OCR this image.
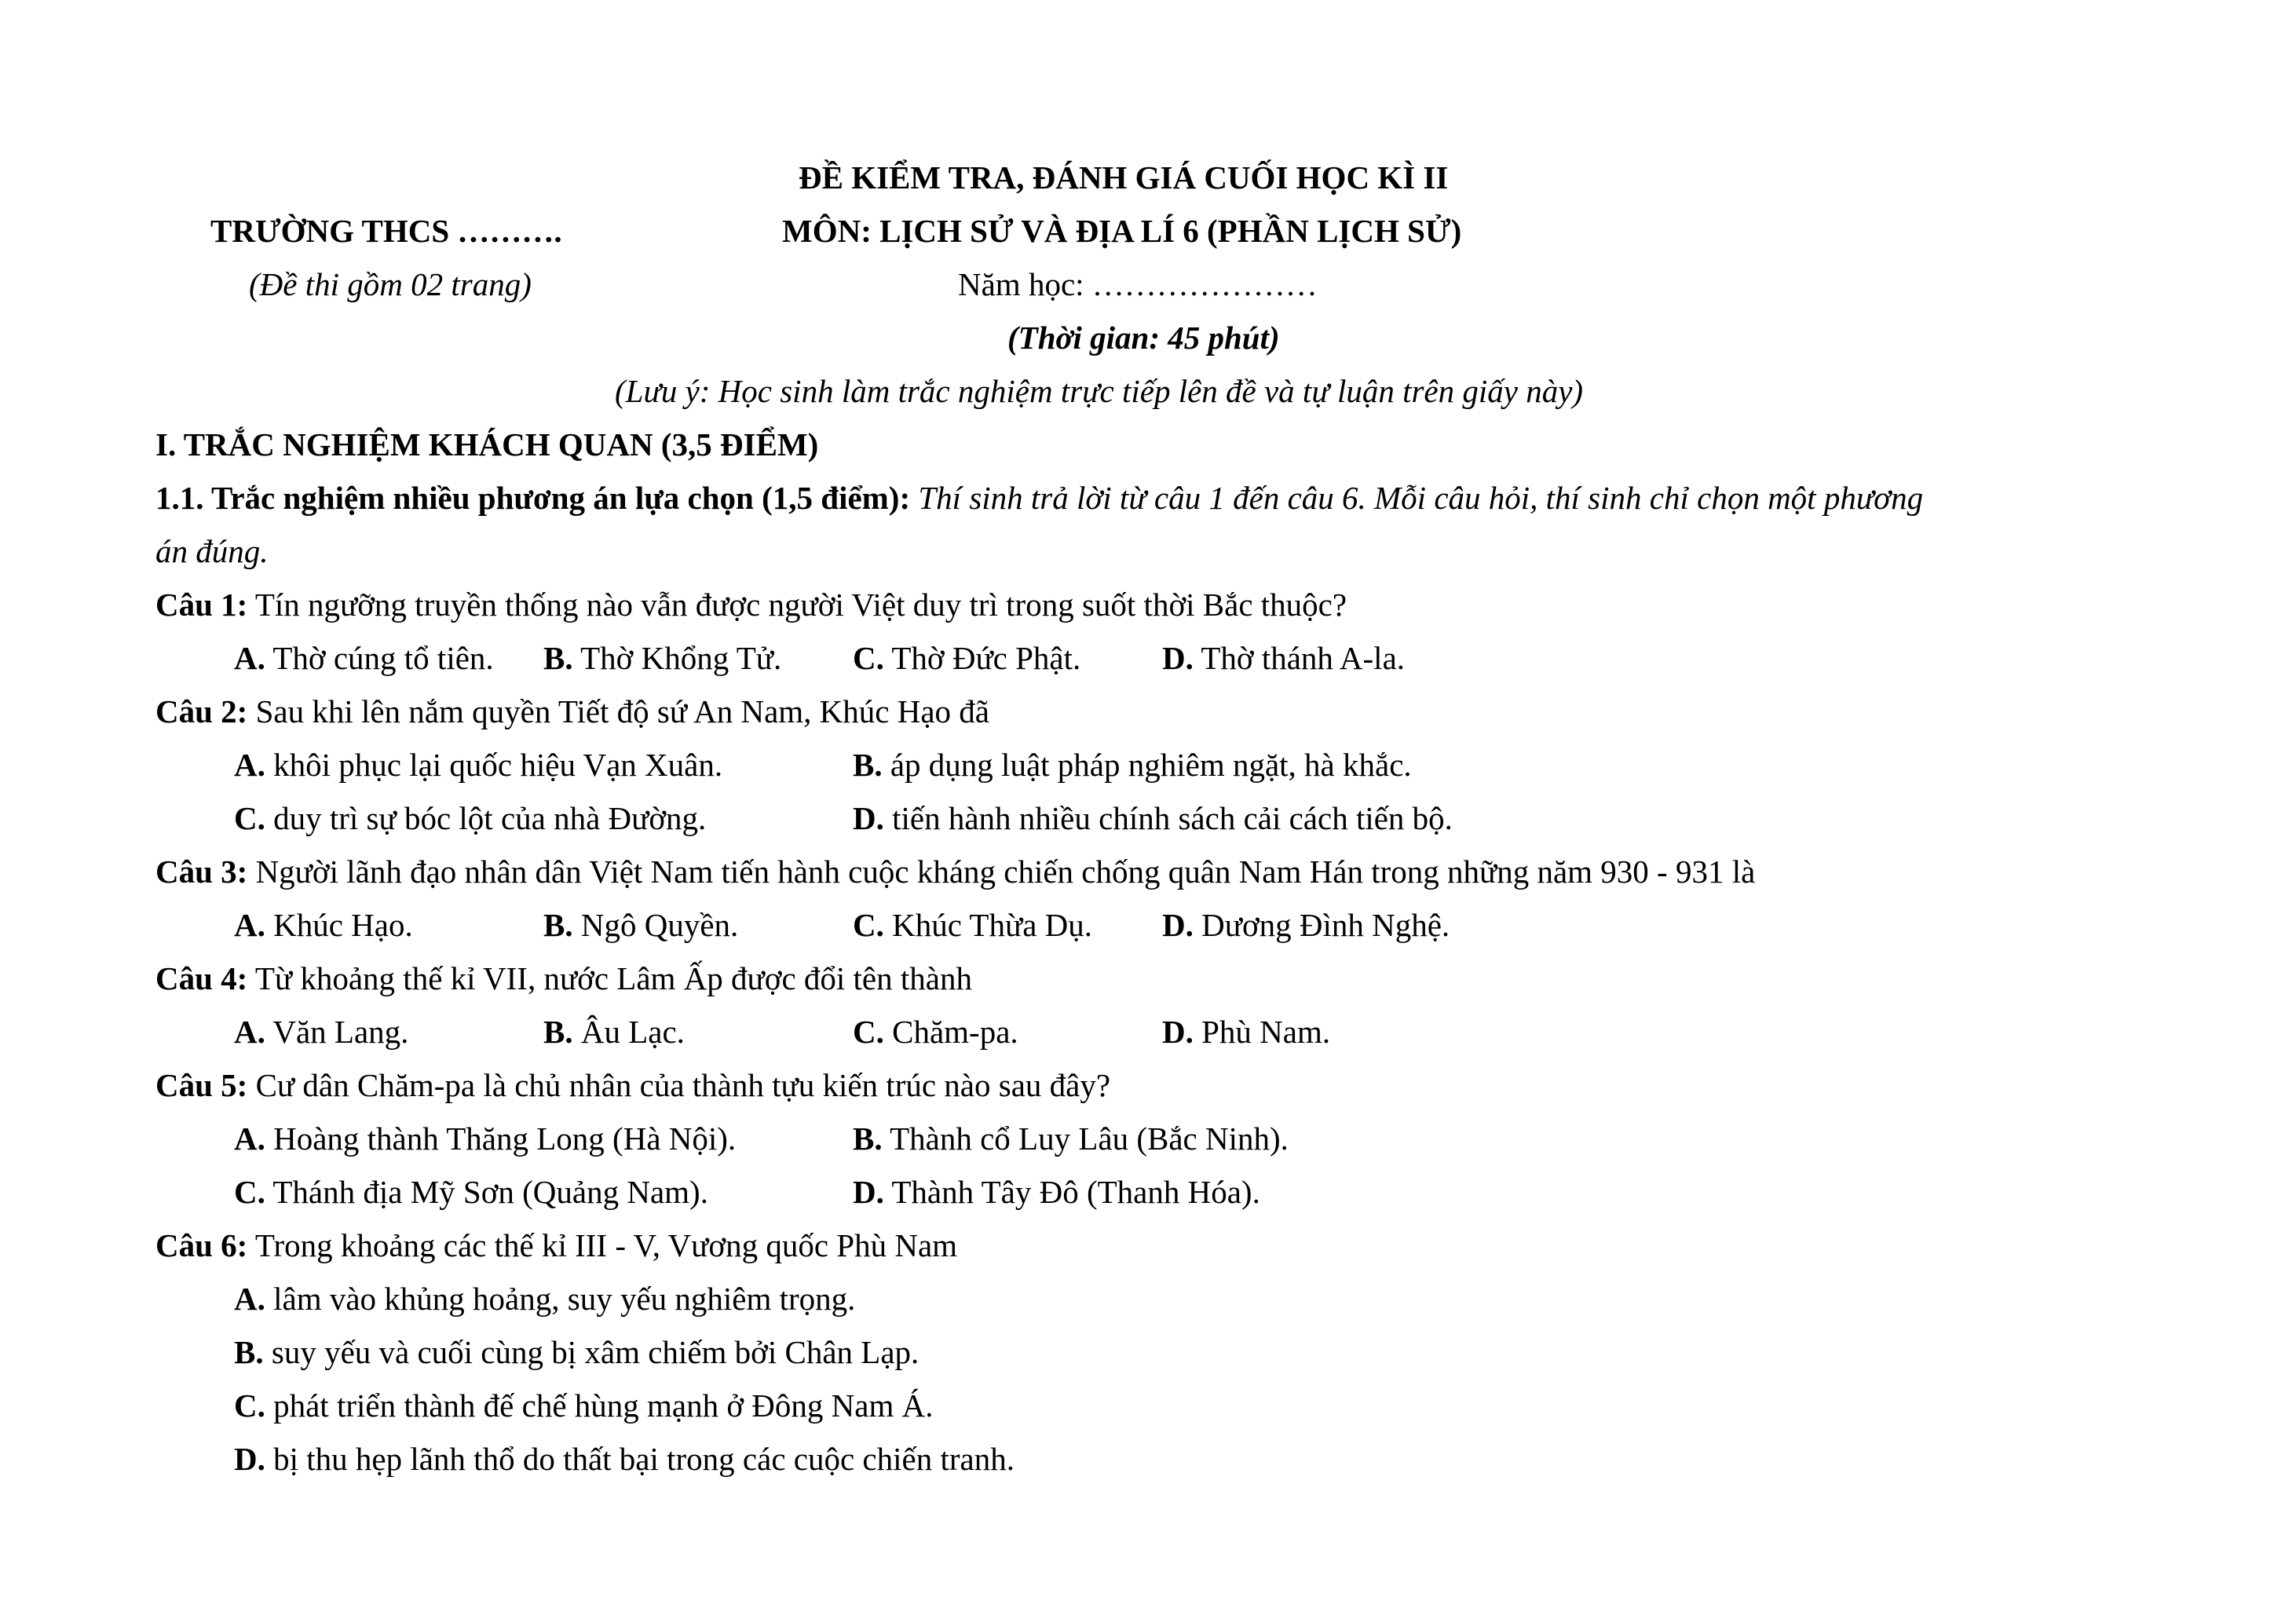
ĐỀ KIỂM TRA, ĐÁNH GIÁ CUỐI HỌC KÌ II
TRƯỜNG THCS ……….	MÔN: LỊCH SỬ VÀ ĐỊA LÍ 6 (PHẦN LỊCH SỬ)
(Đề thi gồm 02 trang)	Năm học: …………………
(Thời gian: 45 phút)
(Lưu ý: Học sinh làm trắc nghiệm trực tiếp lên đề và tự luận trên giấy này)
I. TRẮC NGHIỆM KHÁCH QUAN (3,5 ĐIỂM)
1.1. Trắc nghiệm nhiều phương án lựa chọn (1,5 điểm): Thí sinh trả lời từ câu 1 đến câu 6. Mỗi câu hỏi, thí sinh chỉ chọn một phương
án đúng.
Câu 1: Tín ngưỡng truyền thống nào vẫn được người Việt duy trì trong suốt thời Bắc thuộc?
A. Thờ cúng tổ tiên. B. Thờ Khổng Tử. C. Thờ Đức Phật.	D. Thờ thánh A-la.
Câu 2: Sau khi lên nắm quyền Tiết độ sứ An Nam, Khúc Hạo đã
A. khôi phục lại quốc hiệu Vạn Xuân.	B. áp dụng luật pháp nghiêm ngặt, hà khắc.
C. duy trì sự bóc lột của nhà Đường.	D. tiến hành nhiều chính sách cải cách tiến bộ.
Câu 3: Người lãnh đạo nhân dân Việt Nam tiến hành cuộc kháng chiến chống quân Nam Hán trong những năm 930 - 931 là
A. Khúc Hạo.	B. Ngô Quyền.	C. Khúc Thừa Dụ. D. Dương Đình Nghệ.
Câu 4: Từ khoảng thế kỉ VII, nước Lâm Ấp được đổi tên thành
A. Văn Lang.	B. Âu Lạc.	C. Chăm-pa.	D. Phù Nam.
Câu 5: Cư dân Chăm-pa là chủ nhân của thành tựu kiến trúc nào sau đây?
A. Hoàng thành Thăng Long (Hà Nội).	B. Thành cổ Luy Lâu (Bắc Ninh).
C. Thánh địa Mỹ Sơn (Quảng Nam).	D. Thành Tây Đô (Thanh Hóa).
Câu 6: Trong khoảng các thế kỉ III - V, Vương quốc Phù Nam
A. lâm vào khủng hoảng, suy yếu nghiêm trọng.
B. suy yếu và cuối cùng bị xâm chiếm bởi Chân Lạp.
C. phát triển thành đế chế hùng mạnh ở Đông Nam Á.
D. bị thu hẹp lãnh thổ do thất bại trong các cuộc chiến tranh.
